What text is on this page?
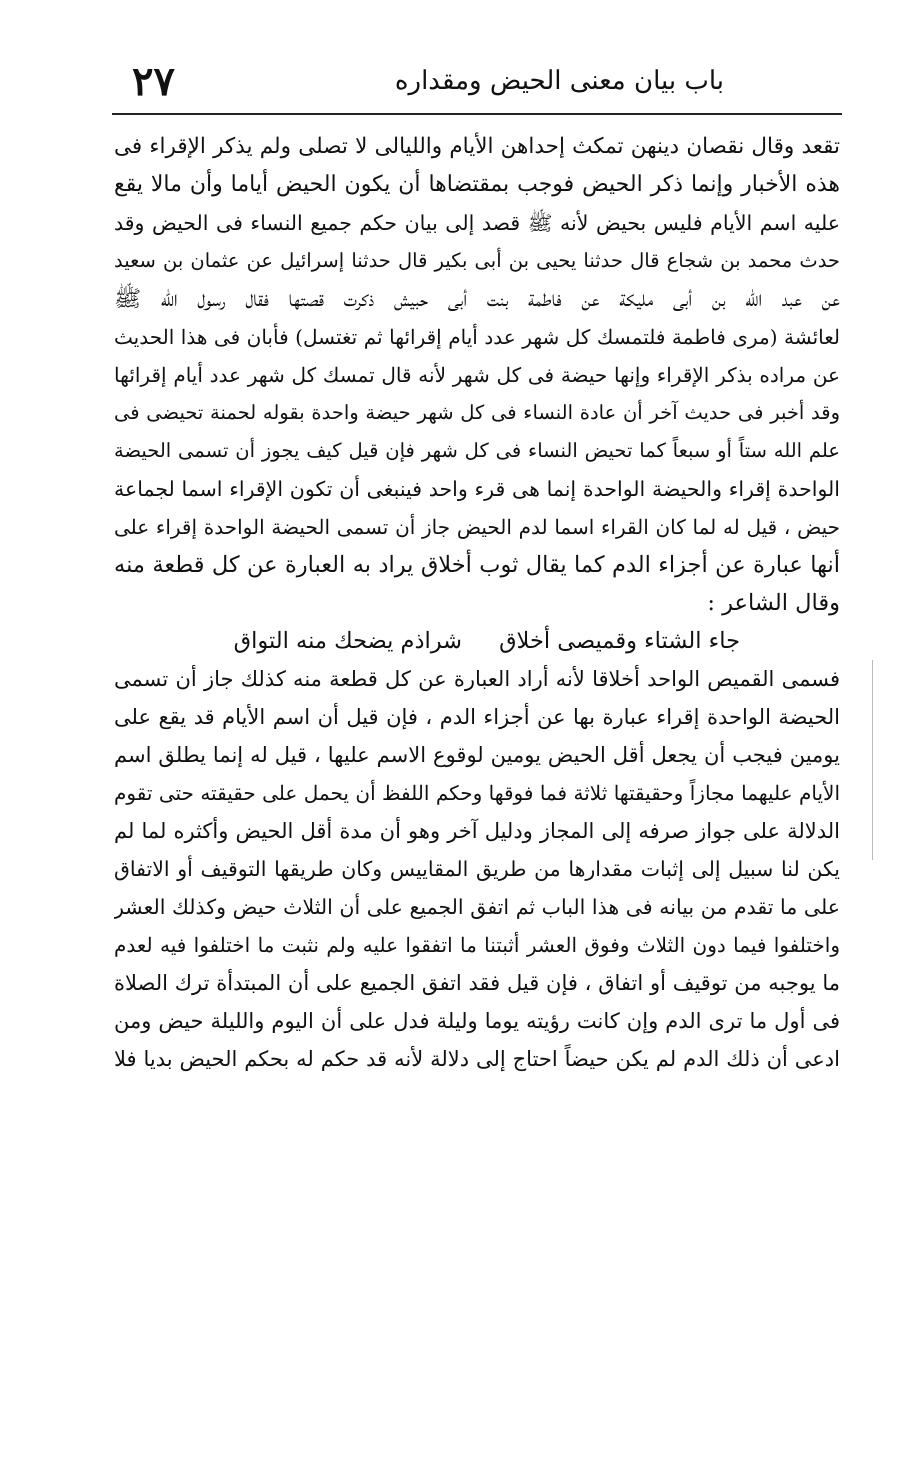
باب بيان معنى الحيض ومقداره
٢٧
تقعد وقال نقصان دينهن تمكث إحداهن الأيام والليالى لا تصلى ولم يذكر الإقراء فى
هذه الأخبار وإنما ذكر الحيض فوجب بمقتضاها أن يكون الحيض أياما وأن مالا يقع
عليه اسم الأيام فليس بحيض لأنه ﷺ قصد إلى بيان حكم جميع النساء فى الحيض وقد
حدث محمد بن شجاع قال حدثنا يحيى بن أبى بكير قال حدثنا إسرائيل عن عثمان بن سعيد
عن عبد الله بن أبى مليكة عن فاطمة بنت أبى حبيش ذكرت قصتها فقال رسول الله ﷺ
لعائشة (مرى فاطمة فلتمسك كل شهر عدد أيام إقرائها ثم تغتسل) فأبان فى هذا الحديث
عن مراده بذكر الإقراء وإنها حيضة فى كل شهر لأنه قال تمسك كل شهر عدد أيام إقرائها
وقد أخبر فى حديث آخر أن عادة النساء فى كل شهر حيضة واحدة بقوله لحمنة تحيضى فى
علم الله ستاً أو سبعاً كما تحيض النساء فى كل شهر فإن قيل كيف يجوز أن تسمى الحيضة
الواحدة إقراء والحيضة الواحدة إنما هى قرء واحد فينبغى أن تكون الإقراء اسما لجماعة
حيض ، قيل له لما كان القراء اسما لدم الحيض جاز أن تسمى الحيضة الواحدة إقراء على
أنها عبارة عن أجزاء الدم كما يقال ثوب أخلاق يراد به العبارة عن كل قطعة منه
وقال الشاعر :
جاء الشتاء وقميصى أخلاق
شراذم يضحك منه التواق
فسمى القميص الواحد أخلاقا لأنه أراد العبارة عن كل قطعة منه كذلك جاز أن تسمى
الحيضة الواحدة إقراء عبارة بها عن أجزاء الدم ، فإن قيل أن اسم الأيام قد يقع على
يومين فيجب أن يجعل أقل الحيض يومين لوقوع الاسم عليها ، قيل له إنما يطلق اسم
الأيام عليهما مجازاً وحقيقتها ثلاثة فما فوقها وحكم اللفظ أن يحمل على حقيقته حتى تقوم
الدلالة على جواز صرفه إلى المجاز ودليل آخر وهو أن مدة أقل الحيض وأكثره لما لم
يكن لنا سبيل إلى إثبات مقدارها من طريق المقاييس وكان طريقها التوقيف أو الاتفاق
على ما تقدم من بيانه فى هذا الباب ثم اتفق الجميع على أن الثلاث حيض وكذلك العشر
واختلفوا فيما دون الثلاث وفوق العشر أثبتنا ما اتفقوا عليه ولم نثبت ما اختلفوا فيه لعدم
ما يوجبه من توقيف أو اتفاق ، فإن قيل فقد اتفق الجميع على أن المبتدأة ترك الصلاة
فى أول ما ترى الدم وإن كانت رؤيته يوما وليلة فدل على أن اليوم والليلة حيض ومن
ادعى أن ذلك الدم لم يكن حيضاً احتاج إلى دلالة لأنه قد حكم له بحكم الحيض بديا فلا
